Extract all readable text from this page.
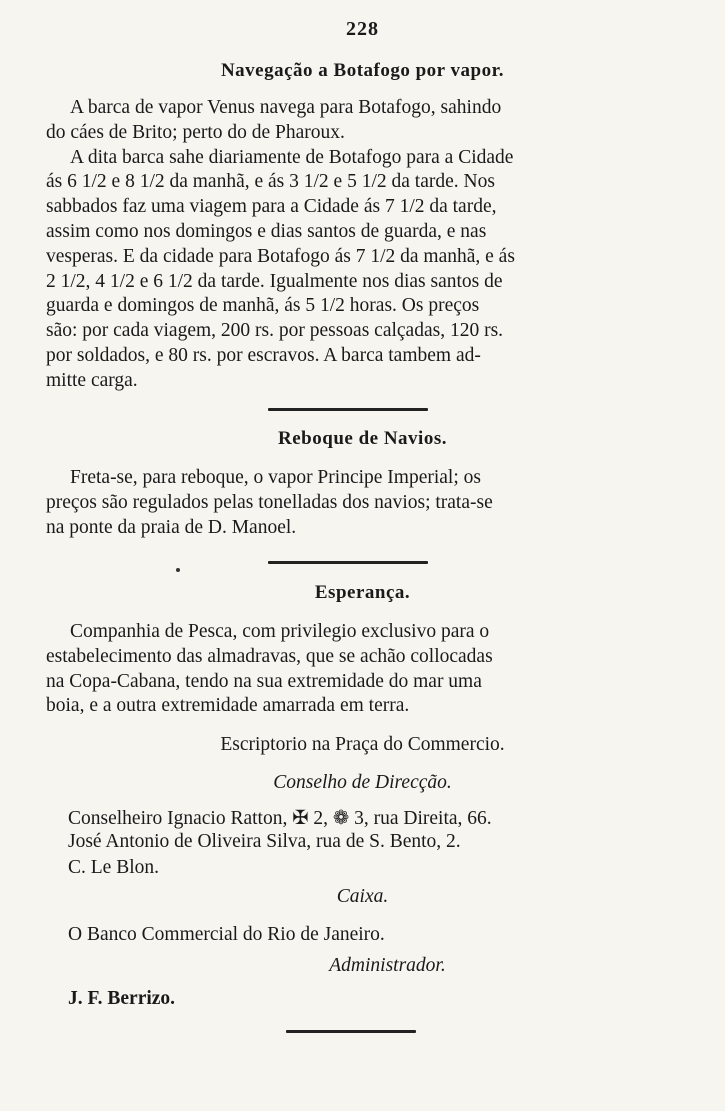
228
Navegação a Botafogo por vapor.

A barca de vapor Venus navega para Botafogo, sahindo

do cáes de Brito; perto do de Pharoux.

A dita barca sahe diariamente de Botafogo para a Cidade

ás 6 1/2 e 8 1/2 da manhã, e ás 3 1/2 e 5 1/2 da tarde. Nos

sabbados faz uma viagem para a Cidade ás 7 1/2 da tarde,

assim como nos domingos e dias santos de guarda, e nas

vesperas. E da cidade para Botafogo ás 7 1/2 da manhã, e ás

2 1/2, 4 1/2 e 6 1/2 da tarde. Igualmente nos dias santos de

guarda e domingos de manhã, ás 5 1/2 horas. Os preços

são: por cada viagem, 200 rs. por pessoas calçadas, 120 rs.

por soldados, e 80 rs. por escravos. A barca tambem ad-

mitte carga.

Reboque de Navios.

Freta-se, para reboque, o vapor Principe Imperial; os

preços são regulados pelas tonelladas dos navios; trata-se

na ponte da praia de D. Manoel.

Esperança.

Companhia de Pesca, com privilegio exclusivo para o

estabelecimento das almadravas, que se achão collocadas

na Copa-Cabana, tendo na sua extremidade do mar uma

boia, e a outra extremidade amarrada em terra.

Escriptorio na Praça do Commercio.
Conselho de Direcção.
Conselheiro Ignacio Ratton, ✠ 2, ❁ 3, rua Direita, 66.
José Antonio de Oliveira Silva, rua de S. Bento, 2.
C. Le Blon.
Caixa.
O Banco Commercial do Rio de Janeiro.
Administrador.
J. F. Berrizo.
